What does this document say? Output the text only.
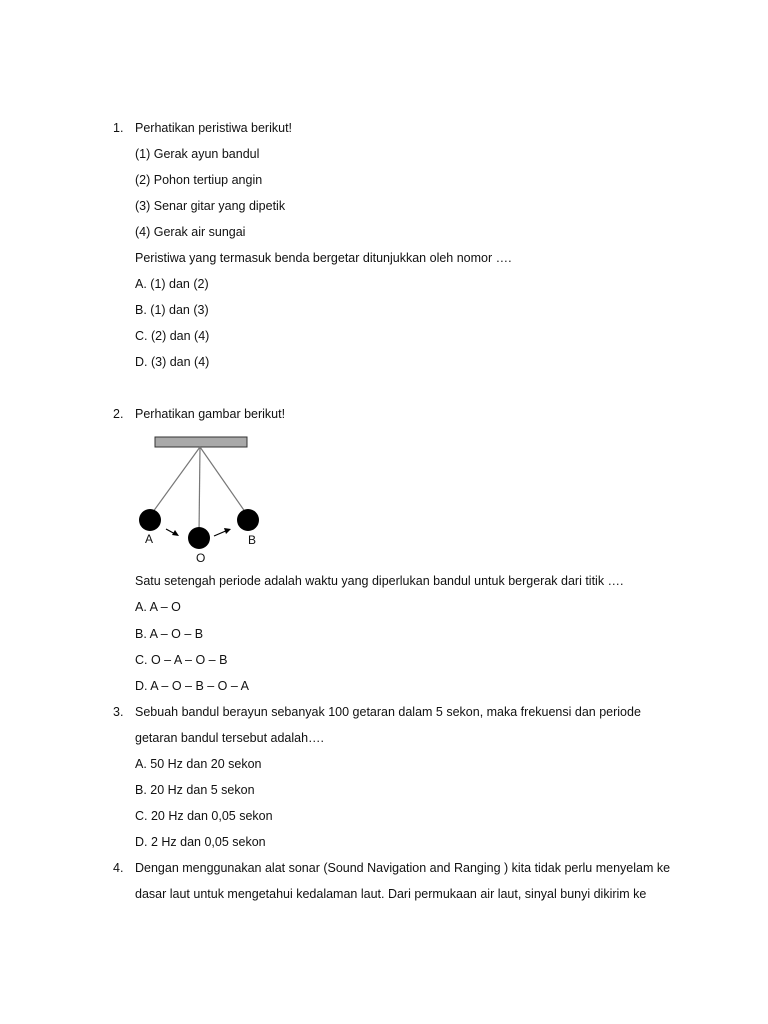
1. Perhatikan peristiwa berikut!
(1) Gerak ayun bandul
(2) Pohon tertiup angin
(3) Senar gitar yang dipetik
(4) Gerak air sungai
Peristiwa yang termasuk benda bergetar ditunjukkan oleh nomor ….
A. (1) dan (2)
B. (1) dan (3)
C. (2) dan (4)
D. (3) dan (4)
2. Perhatikan gambar berikut!
A
O
B
Satu setengah periode adalah waktu yang diperlukan bandul untuk bergerak dari titik ….
A. A – O
B. A – O – B
C. O – A – O – B
D. A – O – B – O – A
3. Sebuah bandul berayun sebanyak 100 getaran dalam 5 sekon, maka frekuensi dan periode
getaran bandul tersebut adalah….
A. 50 Hz dan 20 sekon
B. 20 Hz dan 5 sekon
C. 20 Hz dan 0,05 sekon
D. 2 Hz dan 0,05 sekon
4. Dengan menggunakan alat sonar (Sound Navigation and Ranging ) kita tidak perlu menyelam ke
dasar laut untuk mengetahui kedalaman laut. Dari permukaan air laut, sinyal bunyi dikirim ke
